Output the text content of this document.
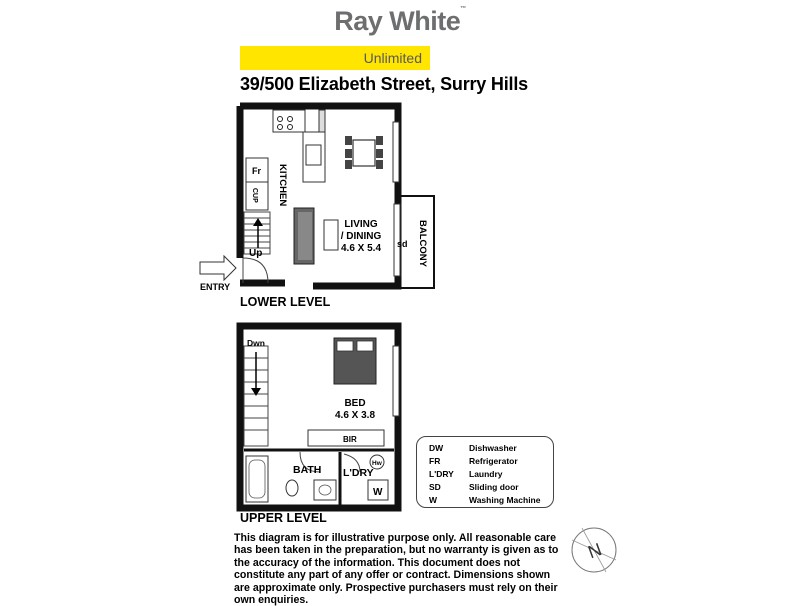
Ray White™
Unlimited
39/500 Elizabeth Street, Surry Hills
KITCHEN
Fr
CUP
Up
ENTRY
LIVING
/ DINING
4.6 X 5.4 sd BALCONY
LOWER LEVEL
Dwn
BED
4.6 X 3.8
BIR
BATH L'DRY
Hw
W
UPPER LEVEL
N
DW	Dishwasher
FR	Refrigerator
L'DRY Laundry
SD	Sliding door
W	Washing Machine
This diagram is for illustrative purpose only. All reasonable care has been taken in the preparation, but no warranty is given as to the accuracy of the information. This document does not constitute any part of any offer or contract. Dimensions shown are approximate only. Prospective purchasers must rely on their own enquiries.
